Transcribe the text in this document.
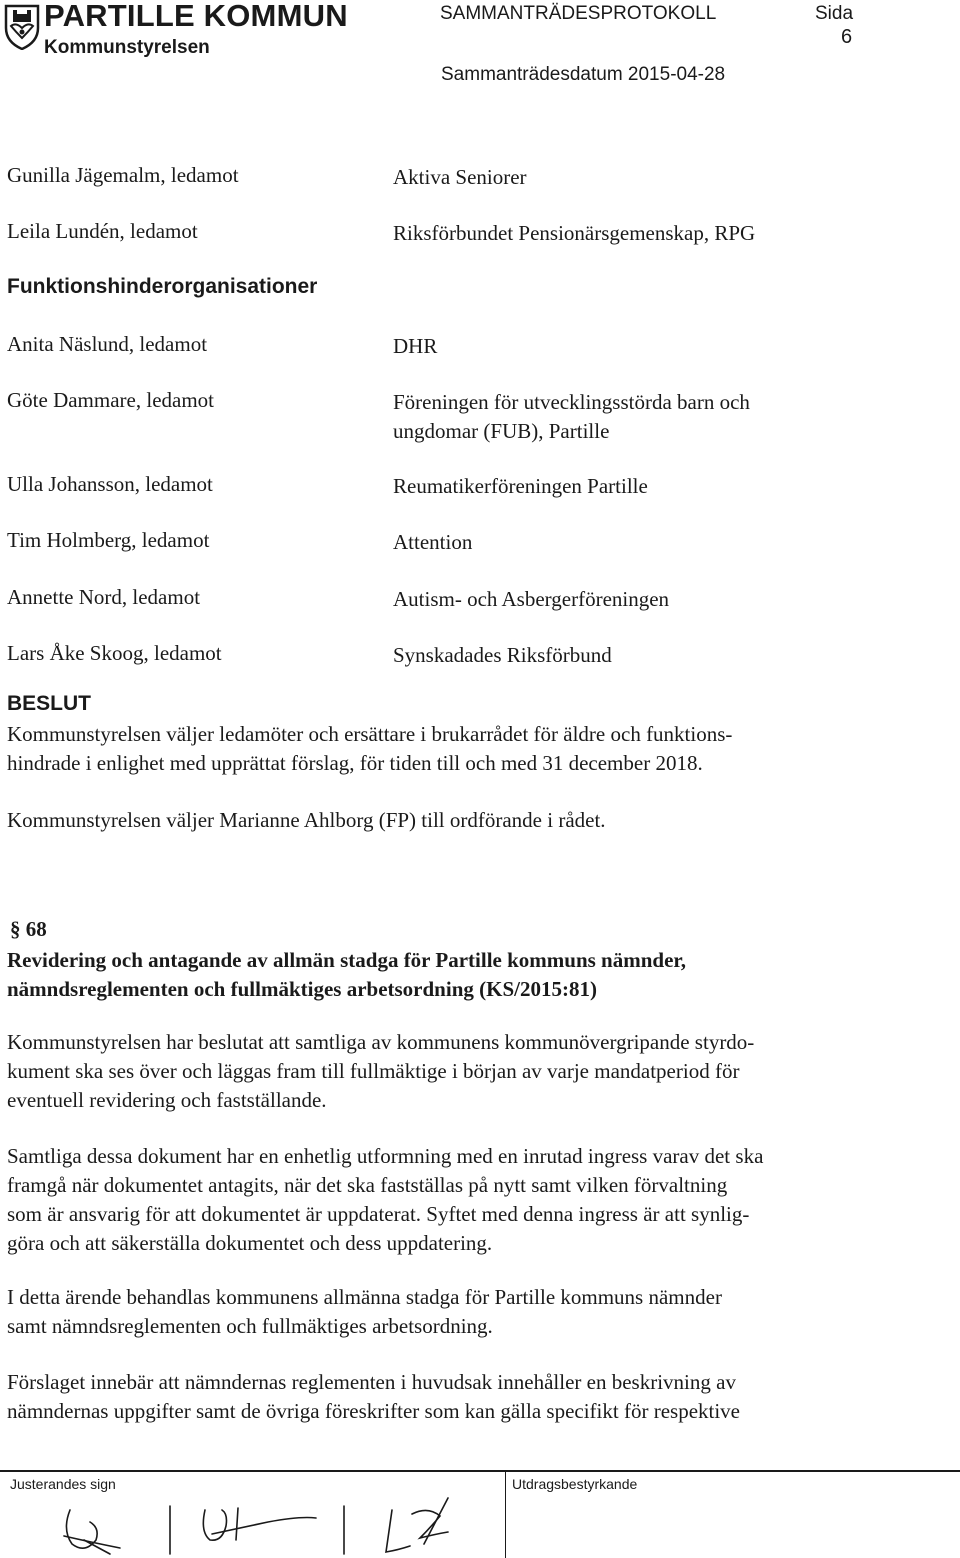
PARTILLE KOMMUN
Kommunstyrelsen
SAMMANTRÄDESPROTOKOLL	Sida
6
Sammanträdesdatum 2015-04-28
Gunilla Jägemalm, ledamot	Aktiva Seniorer
Leila Lundén, ledamot	Riksförbundet Pensionärsgemenskap, RPG
Funktionshinderorganisationer
Anita Näslund, ledamot	DHR
Göte Dammare, ledamot	Föreningen för utvecklingsstörda barn och ungdomar (FUB), Partille
Ulla Johansson, ledamot	Reumatikerföreningen Partille
Tim Holmberg, ledamot	Attention
Annette Nord, ledamot	Autism- och Asbergerföreningen
Lars Åke Skoog, ledamot	Synskadades Riksförbund
BESLUT
Kommunstyrelsen väljer ledamöter och ersättare i brukarrådet för äldre och funktions-
hindrade i enlighet med upprättat förslag, för tiden till och med 31 december 2018.
Kommunstyrelsen väljer Marianne Ahlborg (FP) till ordförande i rådet.
§ 68
Revidering och antagande av allmän stadga för Partille kommuns nämnder,
nämndsreglementen och fullmäktiges arbetsordning (KS/2015:81)
Kommunstyrelsen har beslutat att samtliga av kommunens kommunövergripande styrdo-
kument ska ses över och läggas fram till fullmäktige i början av varje mandatperiod för
eventuell revidering och fastställande.
Samtliga dessa dokument har en enhetlig utformning med en inrutad ingress varav det ska
framgå när dokumentet antagits, när det ska fastställas på nytt samt vilken förvaltning
som är ansvarig för att dokumentet är uppdaterat. Syftet med denna ingress är att synlig-
göra och att säkerställa dokumentet och dess uppdatering.
I detta ärende behandlas kommunens allmänna stadga för Partille kommuns nämnder
samt nämndsreglementen och fullmäktiges arbetsordning.
Förslaget innebär att nämndernas reglementen i huvudsak innehåller en beskrivning av
nämndernas uppgifter samt de övriga föreskrifter som kan gälla specifikt för respektive
Justerandes sign	Utdragsbestyrkande
